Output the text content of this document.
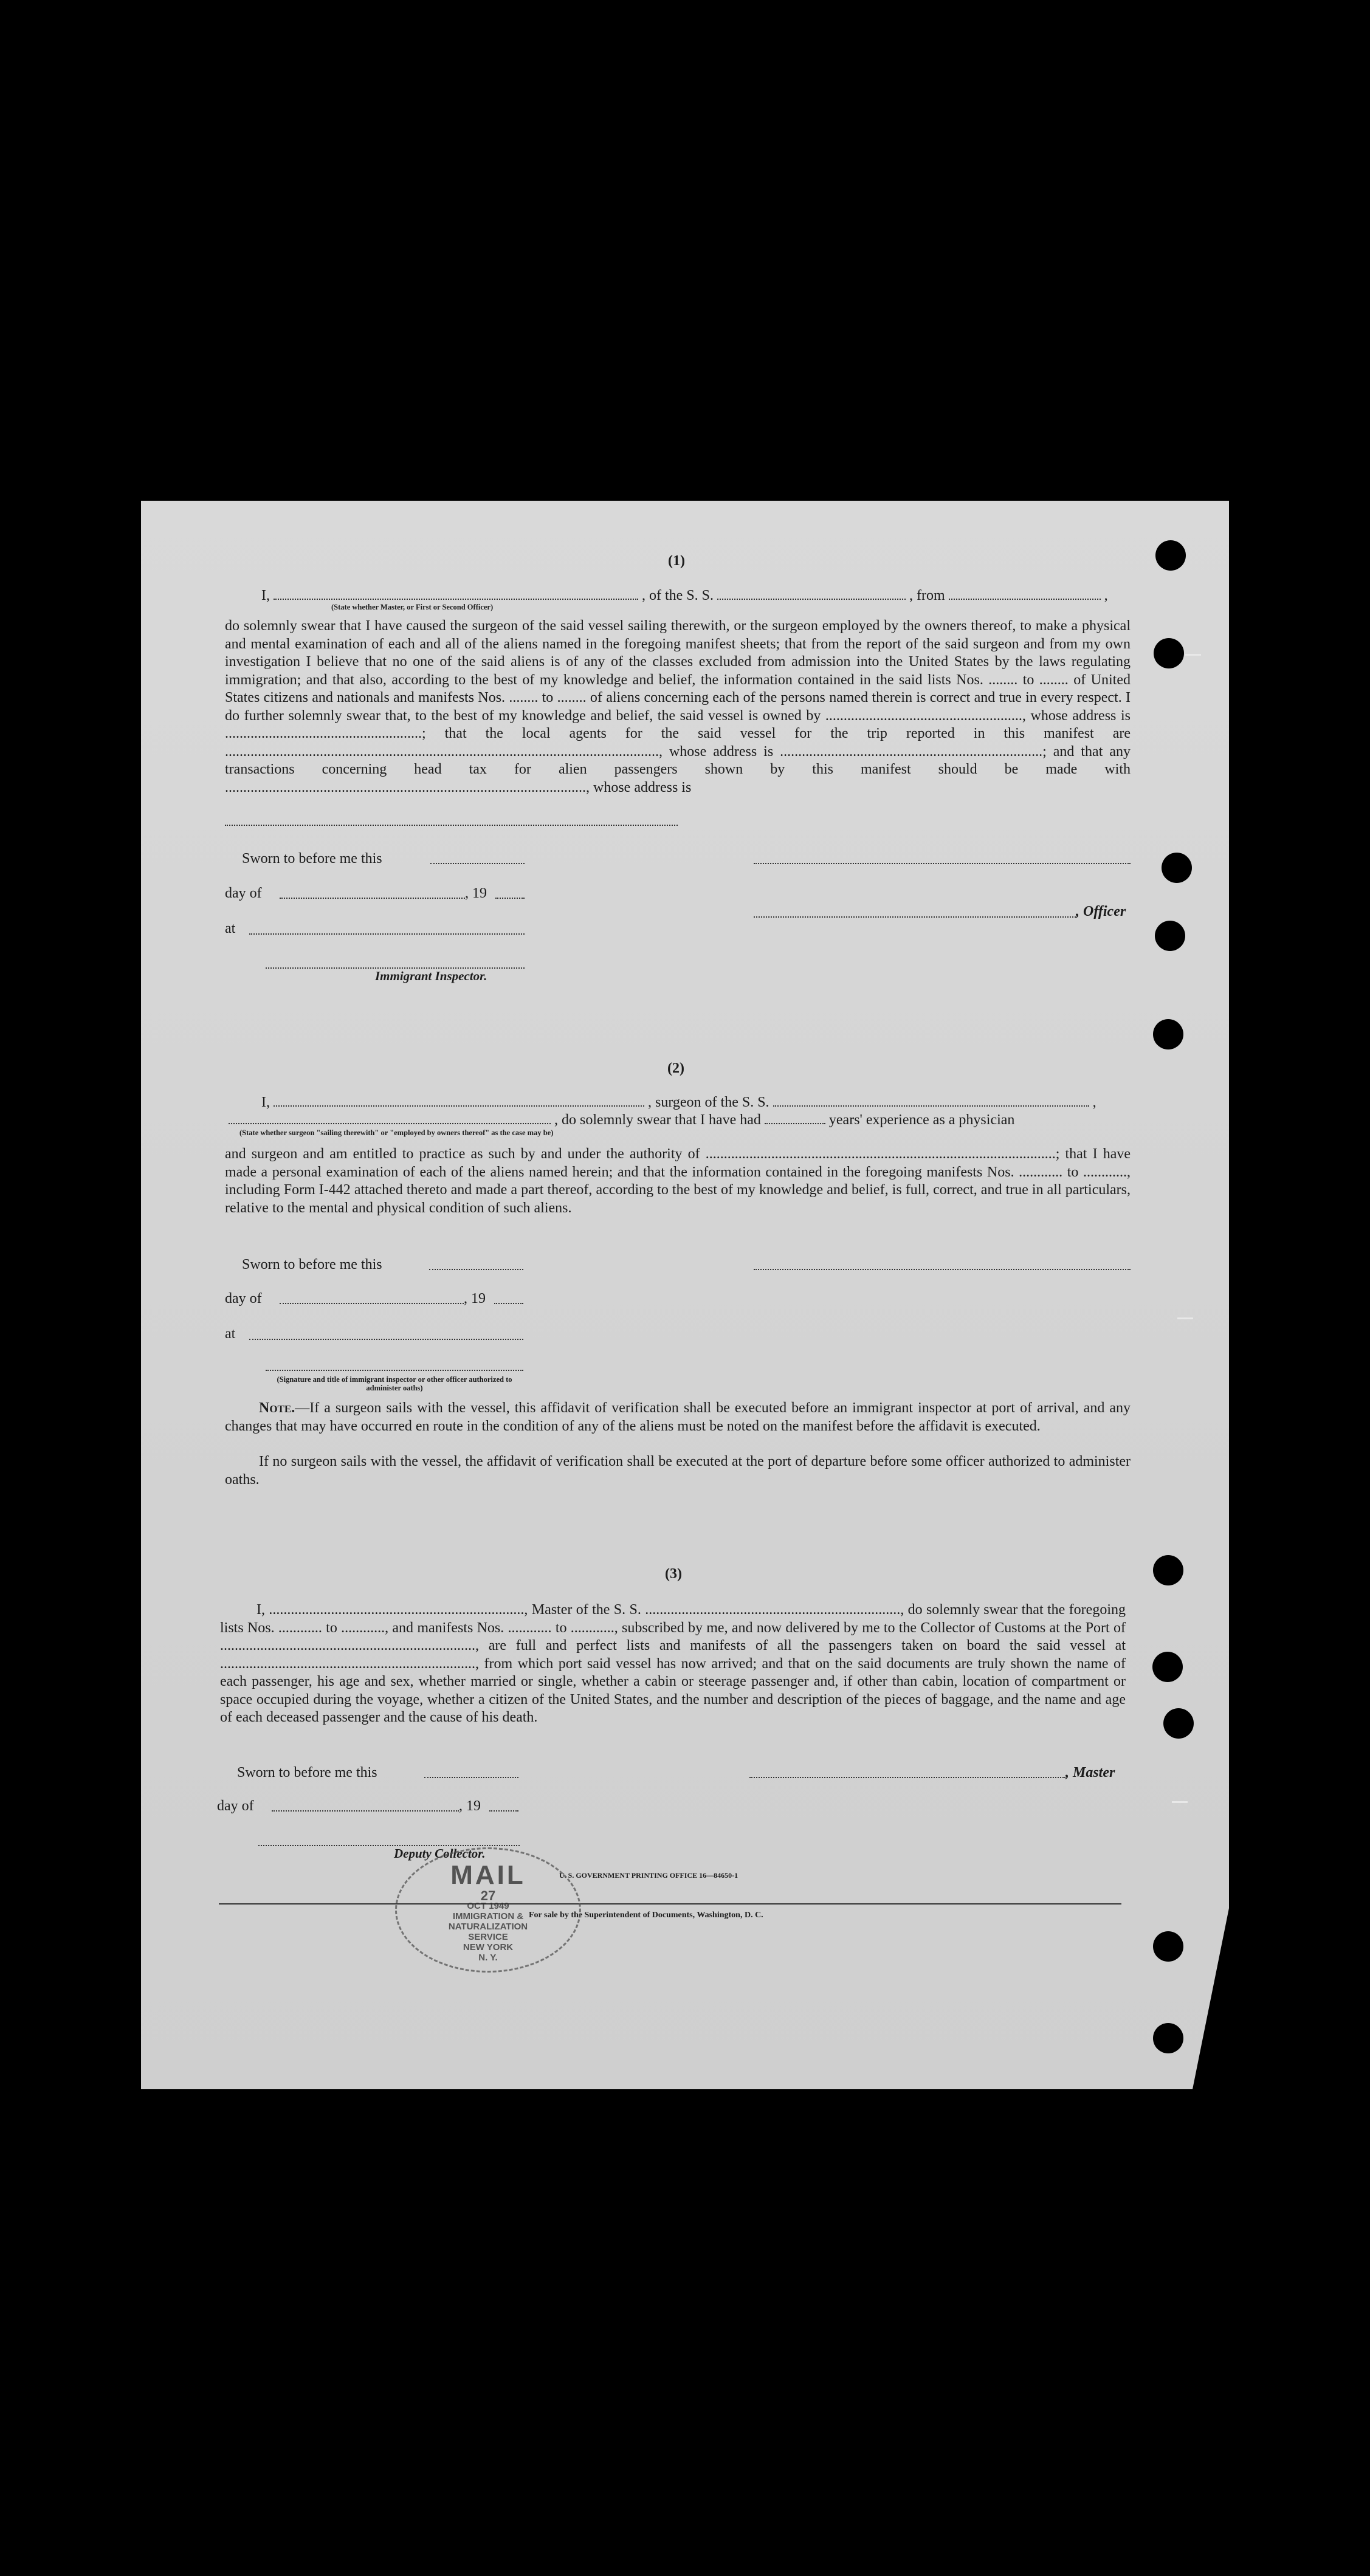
(1)
I,	, of the S. S.	, from	,
(State whether Master, or First or Second Officer)
do solemnly swear that I have caused the surgeon of the said vessel sailing therewith, or the surgeon employed by the owners thereof, to make a physical and mental examination of each and all of the aliens named in the foregoing manifest sheets; that from the report of the said surgeon and from my own investigation I believe that no one of the said aliens is of any of the classes excluded from admission into the United States by the laws regulating immigration; and that also, according to the best of my knowledge and belief, the information contained in the said lists Nos. ........ to ........ of United States citizens and nationals and manifests Nos. ........ to ........ of aliens concerning each of the persons named therein is correct and true in every respect. I do further solemnly swear that, to the best of my knowledge and belief, the said vessel is owned by ......................................................, whose address is ......................................................; that the local agents for the said vessel for the trip reported in this manifest are ......................................................................................................................., whose address is ........................................................................; and that any transactions concerning head tax for alien passengers shown by this manifest should be made with ..................................................................................................., whose address is
Sworn to before me this
day of	, 19
, Officer
at
Immigrant Inspector.
(2)
I,	, surgeon of the S. S.	,
, do solemnly swear that I have had	years' experience as a physician
(State whether surgeon "sailing therewith" or "employed by owners thereof" as the case may be)
and surgeon and am entitled to practice as such by and under the authority of ................................................................................................; that I have made a personal examination of each of the aliens named herein; and that the information contained in the foregoing manifests Nos. ............ to ............, including Form I-442 attached thereto and made a part thereof, according to the best of my knowledge and belief, is full, correct, and true in all particulars, relative to the mental and physical condition of such aliens.
Sworn to before me this
day of	, 19
at
(Signature and title of immigrant inspector or other officer authorized to administer oaths)
Note.—If a surgeon sails with the vessel, this affidavit of verification shall be executed before an immigrant inspector at port of arrival, and any changes that may have occurred en route in the condition of any of the aliens must be noted on the manifest before the affidavit is executed.
If no surgeon sails with the vessel, the affidavit of verification shall be executed at the port of departure before some officer authorized to administer oaths.
(3)
I, ......................................................................, Master of the S. S. ......................................................................, do solemnly swear that the foregoing lists Nos. ............ to ............, and manifests Nos. ............ to ............, subscribed by me, and now delivered by me to the Collector of Customs at the Port of ......................................................................, are full and perfect lists and manifests of all the passengers taken on board the said vessel at ......................................................................, from which port said vessel has now arrived; and that on the said documents are truly shown the name of each passenger, his age and sex, whether married or single, whether a cabin or steerage passenger and, if other than cabin, location of compartment or space occupied during the voyage, whether a citizen of the United States, and the number and description of the pieces of baggage, and the name and age of each deceased passenger and the cause of his death.
Sworn to before me this	, Master
day of	, 19
Deputy Collector.
U. S. GOVERNMENT PRINTING OFFICE 16—84650-1
For sale by the Superintendent of Documents, Washington, D. C.
MAIL
27
OCT 1949
IMMIGRATION &
NATURALIZATION
SERVICE
NEW YORK
N. Y.
